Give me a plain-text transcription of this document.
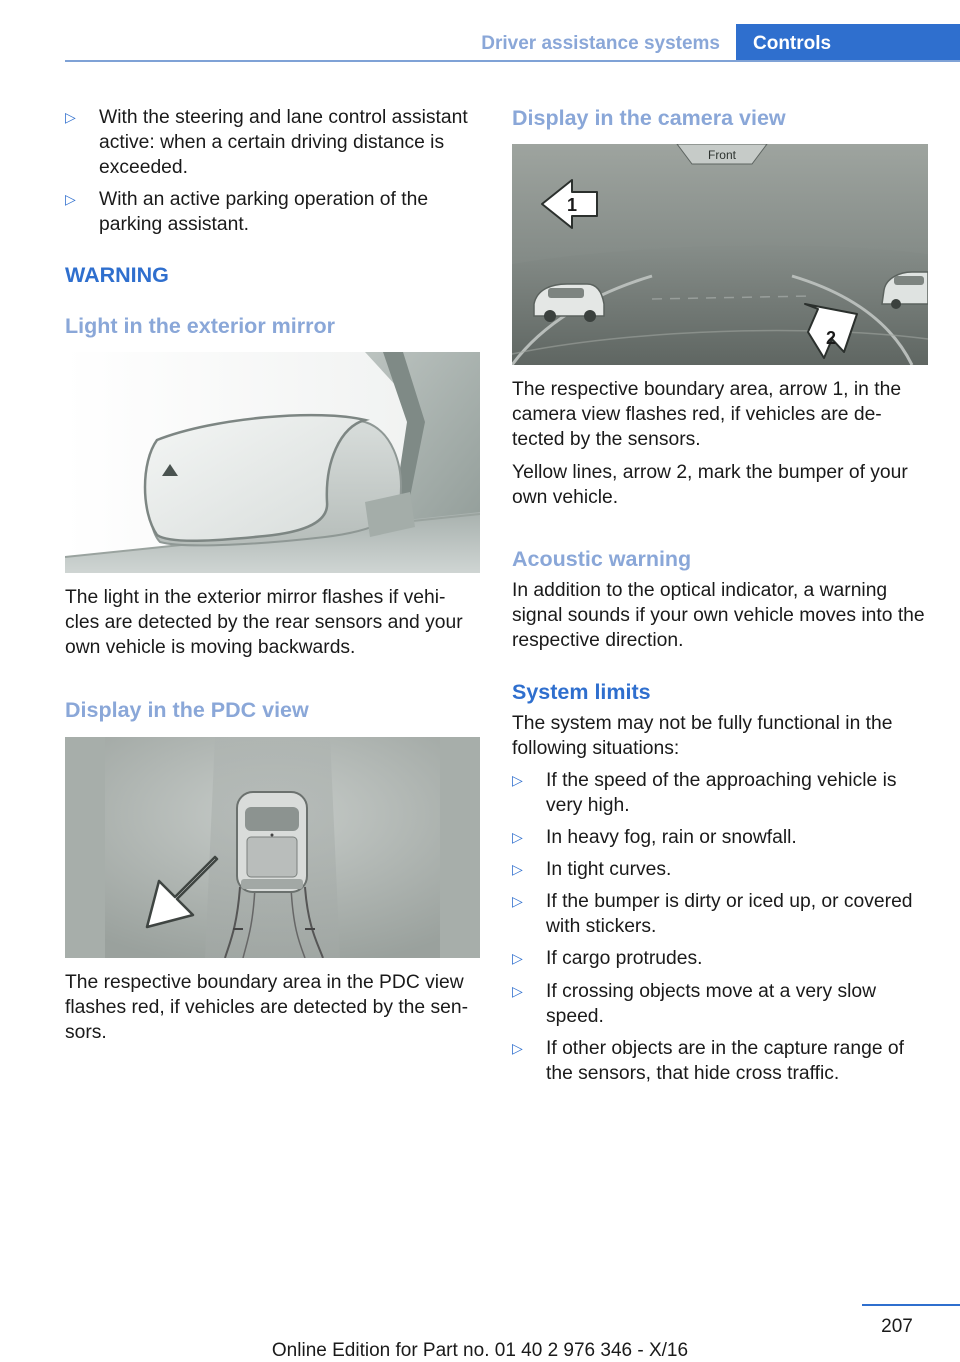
Driver assistance systems Controls
▷ With the steering and lane control assistant active: when a certain driving distance is exceeded.
▷ With an active parking operation of the parking assistant.
WARNING
Light in the exterior mirror
The light in the exterior mirror flashes if vehi‐ cles are detected by the rear sensors and your own vehicle is moving backwards.
Display in the PDC view
The respective boundary area in the PDC view flashes red, if vehicles are detected by the sen‐ sors.
Display in the camera view
Front
1
2
The respective boundary area, arrow 1, in the camera view flashes red, if vehicles are de‐ tected by the sensors.
Yellow lines, arrow 2, mark the bumper of your own vehicle.
Acoustic warning
In addition to the optical indicator, a warning signal sounds if your own vehicle moves into the respective direction.
System limits
The system may not be fully functional in the following situations:
▷ If the speed of the approaching vehicle is very high.
▷ In heavy fog, rain or snowfall.
▷ In tight curves.
▷ If the bumper is dirty or iced up, or covered with stickers.
▷ If cargo protrudes.
▷ If crossing objects move at a very slow speed.
▷ If other objects are in the capture range of the sensors, that hide cross traffic.
207
Online Edition for Part no. 01 40 2 976 346 - X/16
